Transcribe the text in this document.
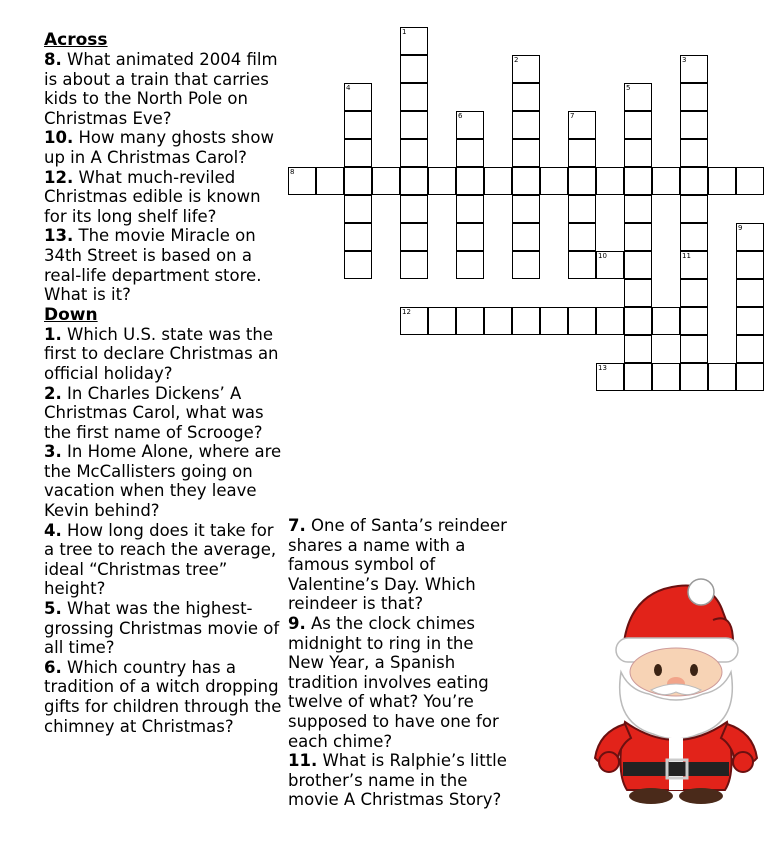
Across
8. What animated 2004 film is about a train that carries kids to the North Pole on Christmas Eve?
10. How many ghosts show up in A Christmas Carol?
12. What much-reviled Christmas edible is known for its long shelf life?
13. The movie Miracle on 34th Street is based on a real-life department store. What is it?
Down
1. Which U.S. state was the first to declare Christmas an official holiday?
2. In Charles Dickens’ A Christmas Carol, what was the first name of Scrooge?
3. In Home Alone, where are the McCallisters going on vacation when they leave Kevin behind?
4. How long does it take for a tree to reach the average, ideal “Christmas tree” height?
5. What was the highest-grossing Christmas movie of all time?
6. Which country has a tradition of a witch dropping gifts for children through the chimney at Christmas?
7. One of Santa’s reindeer shares a name with a famous symbol of Valentine’s Day. Which reindeer is that?
9. As the clock chimes midnight to ring in the New Year, a Spanish tradition involves eating twelve of what? You’re supposed to have one for each chime?
11. What is Ralphie’s little brother’s name in the movie A Christmas Story?
1
2	3
11
4	5
6	7
8
9
12
13
10
